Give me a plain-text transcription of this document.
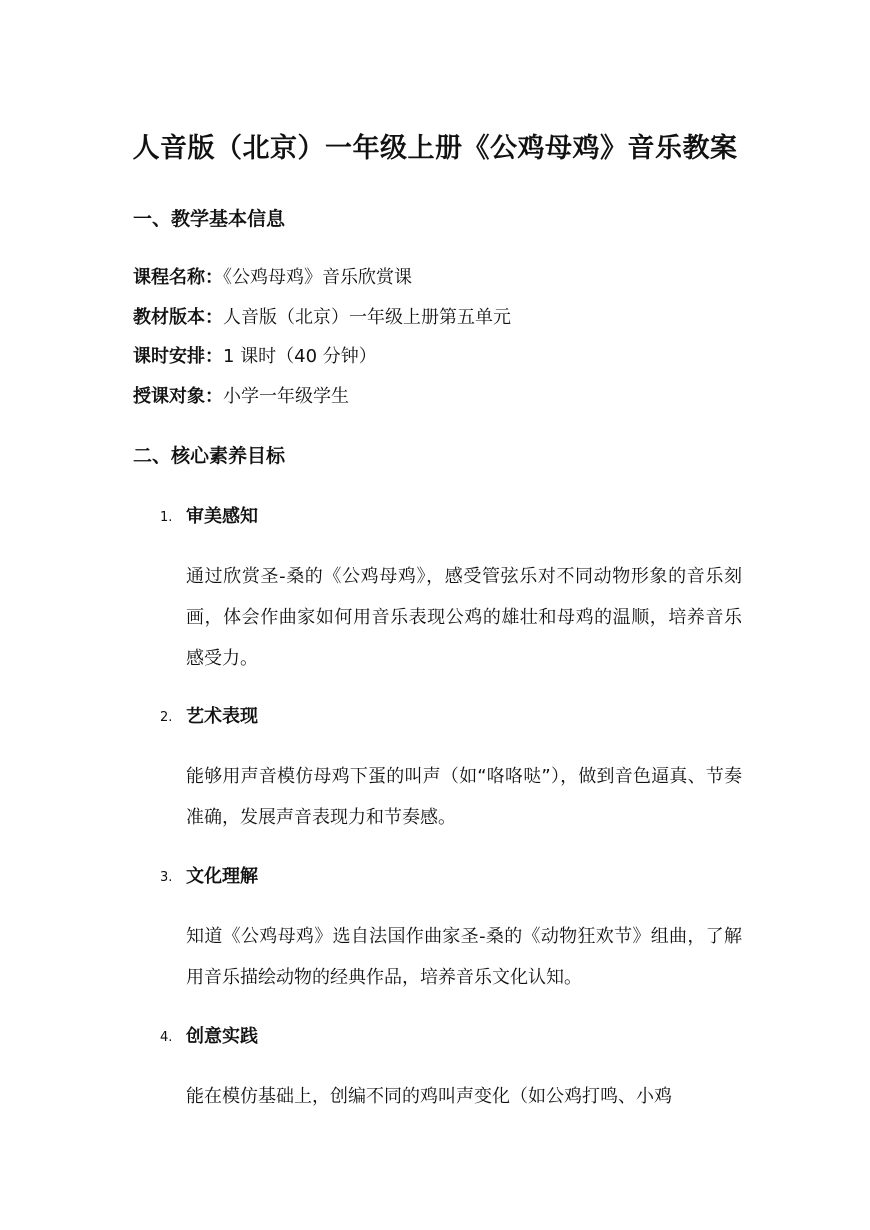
人音版（北京）一年级上册《公鸡母鸡》音乐教案
一、教学基本信息
课程名称：《公鸡母鸡》音乐欣赏课
教材版本：人音版（北京）一年级上册第五单元
课时安排：1 课时（40 分钟）
授课对象：小学一年级学生
二、核心素养目标
1. 审美感知
通过欣赏圣-桑的《公鸡母鸡》，感受管弦乐对不同动物形象的音乐刻画，体会作曲家如何用音乐表现公鸡的雄壮和母鸡的温顺，培养音乐感受力。
2. 艺术表现
能够用声音模仿母鸡下蛋的叫声（如“咯咯哒”），做到音色逼真、节奏准确，发展声音表现力和节奏感。
3. 文化理解
知道《公鸡母鸡》选自法国作曲家圣-桑的《动物狂欢节》组曲，了解用音乐描绘动物的经典作品，培养音乐文化认知。
4. 创意实践
能在模仿基础上，创编不同的鸡叫声变化（如公鸡打鸣、小鸡
